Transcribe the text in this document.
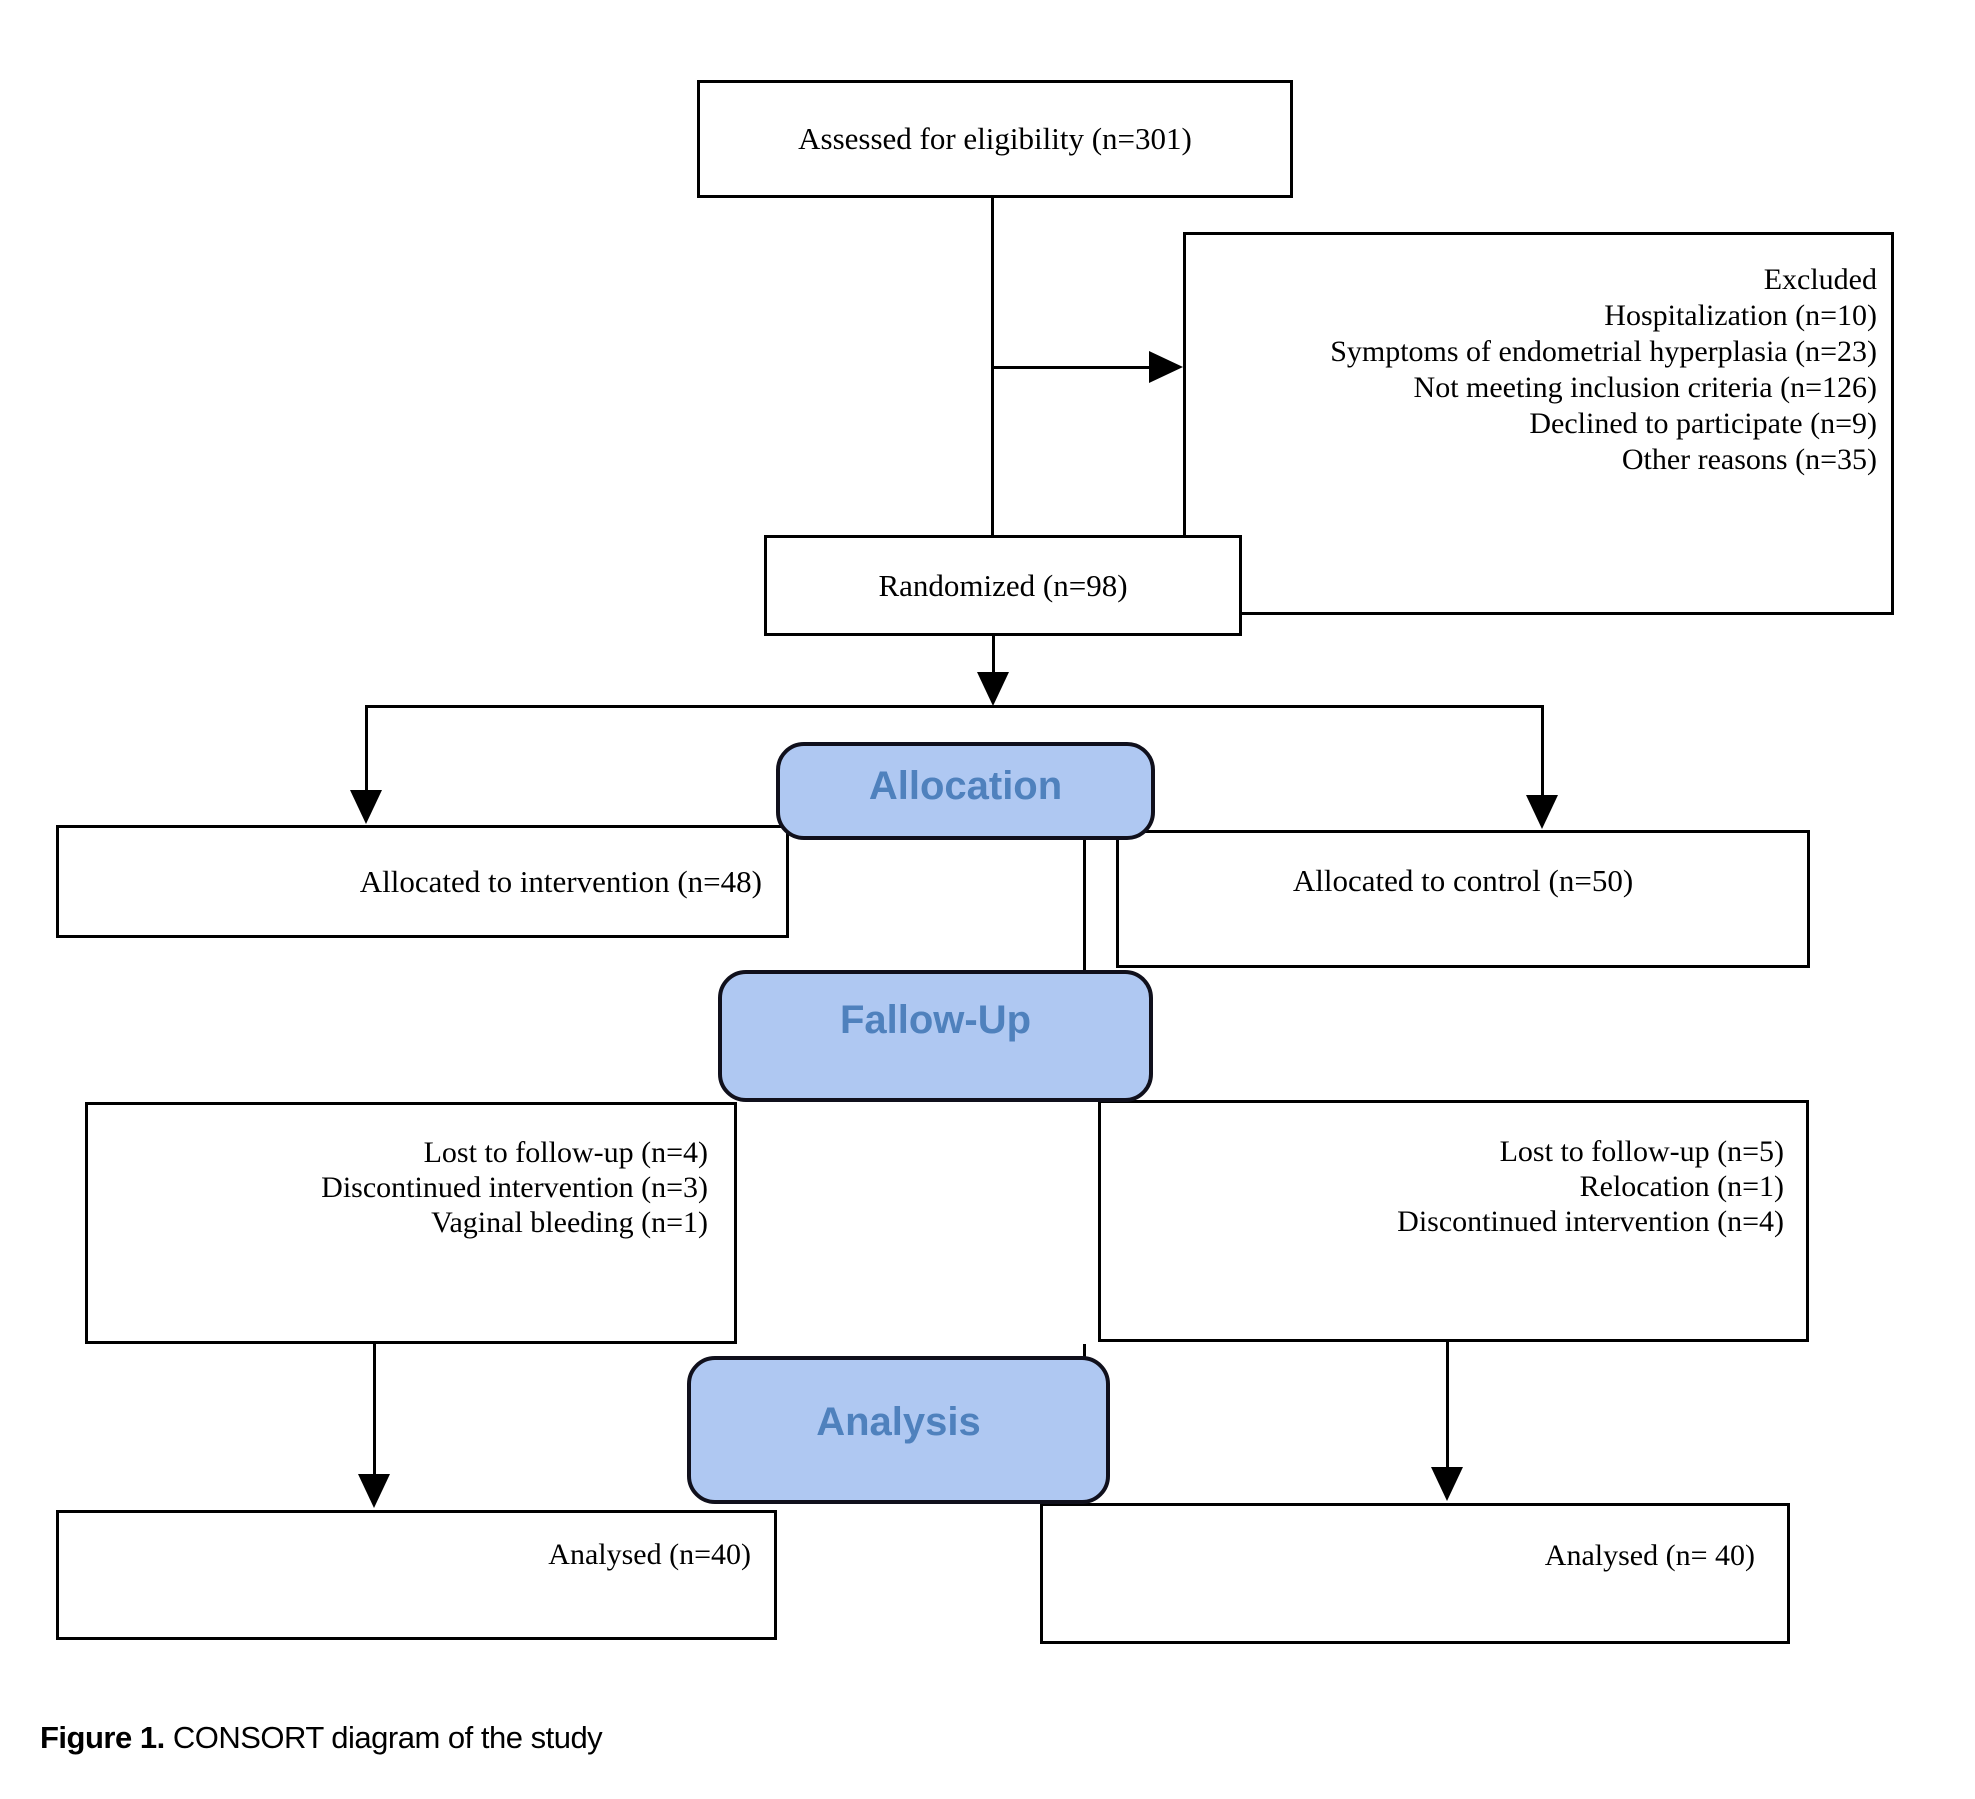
Assessed for eligibility (n=301)
Excluded
Hospitalization (n=10)
Symptoms of endometrial hyperplasia (n=23)
Not meeting inclusion criteria (n=126)
Declined to participate (n=9)
Other reasons (n=35)
Randomized (n=98)
Allocated to intervention (n=48)	Allocated to control (n=50)
Lost to follow-up (n=4)
Discontinued intervention (n=3)
Vaginal bleeding (n=1)
Lost to follow-up (n=5)
Relocation (n=1)
Discontinued intervention (n=4)
Analysed (n=40)	Analysed (n= 40)
Allocation
Fallow-Up
Analysis
Figure 1. CONSORT diagram of the study
